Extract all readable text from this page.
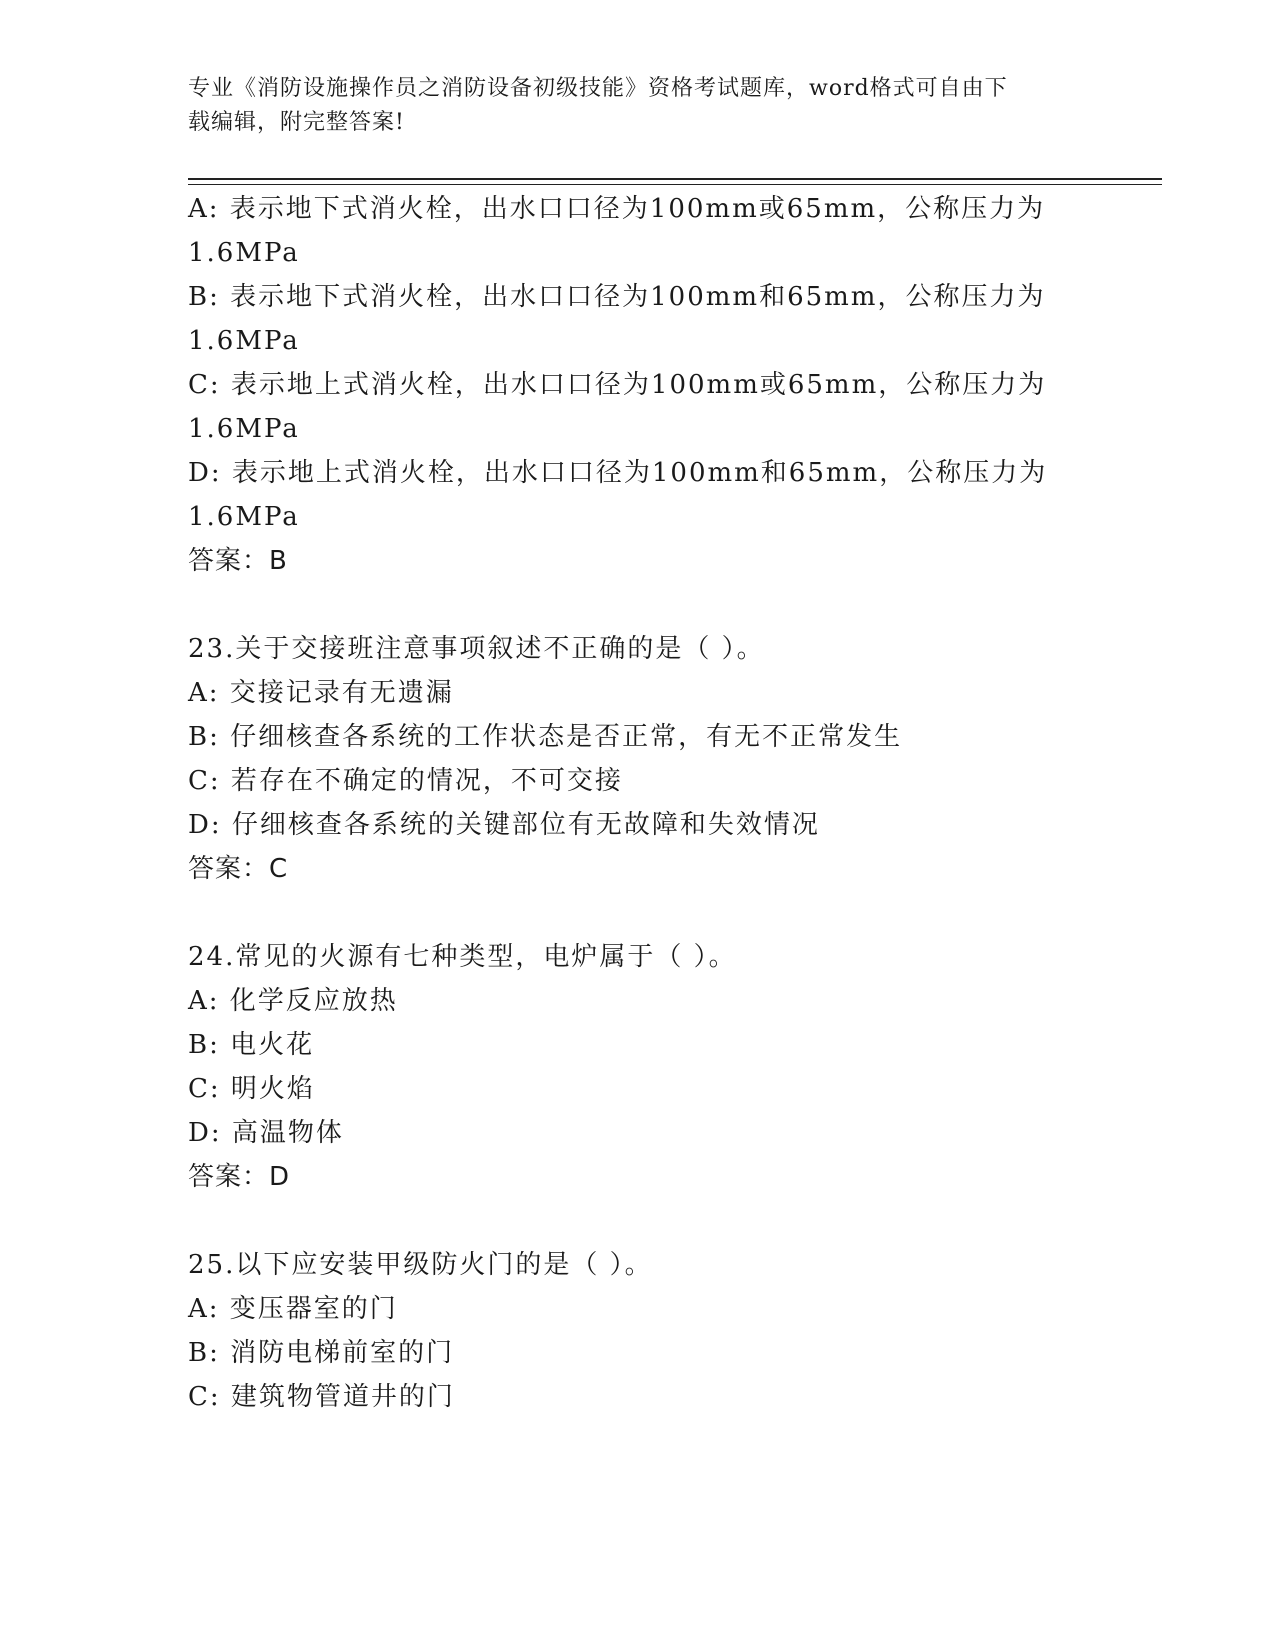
专业《消防设施操作员之消防设备初级技能》资格考试题库，word格式可自由下
载编辑，附完整答案!
A: 表示地下式消火栓，出水口口径为100mm或65mm，公称压力为
1.6MPa
B: 表示地下式消火栓，出水口口径为100mm和65mm，公称压力为
1.6MPa
C: 表示地上式消火栓，出水口口径为100mm或65mm，公称压力为
1.6MPa
D: 表示地上式消火栓，出水口口径为100mm和65mm，公称压力为
1.6MPa
答案：B
23.关于交接班注意事项叙述不正确的是（ ）。
A: 交接记录有无遗漏
B: 仔细核查各系统的工作状态是否正常，有无不正常发生
C: 若存在不确定的情况，不可交接
D: 仔细核查各系统的关键部位有无故障和失效情况
答案：C
24.常见的火源有七种类型，电炉属于（ ）。
A: 化学反应放热
B: 电火花
C: 明火焰
D: 高温物体
答案：D
25.以下应安装甲级防火门的是（ ）。
A: 变压器室的门
B: 消防电梯前室的门
C: 建筑物管道井的门
